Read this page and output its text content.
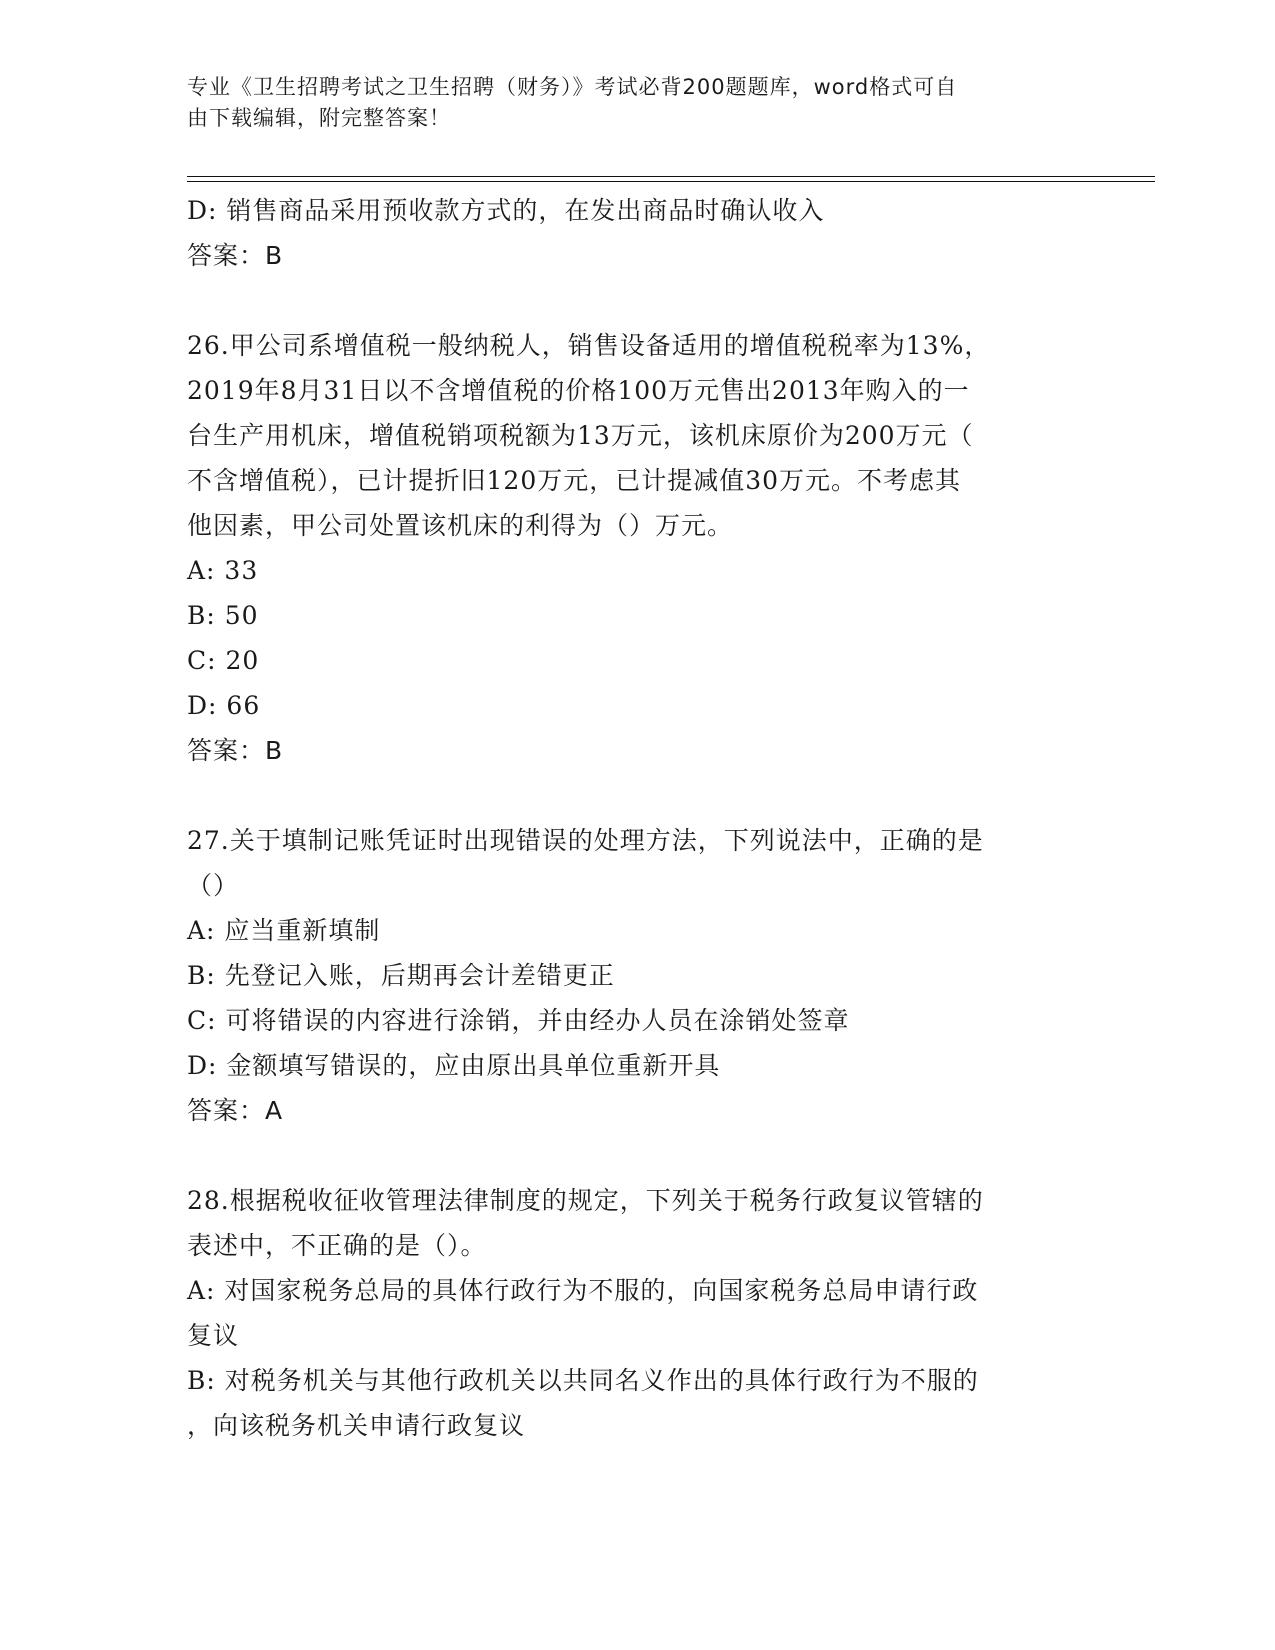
专业《卫生招聘考试之卫生招聘（财务）》考试必背200题题库，word格式可自
由下载编辑，附完整答案！
D: 销售商品采用预收款方式的，在发出商品时确认收入
答案：B
26.甲公司系增值税一般纳税人，销售设备适用的增值税税率为13%，
2019年8月31日以不含增值税的价格100万元售出2013年购入的一
台生产用机床，增值税销项税额为13万元，该机床原价为200万元（
不含增值税），已计提折旧120万元，已计提减值30万元。不考虑其
他因素，甲公司处置该机床的利得为（）万元。
A: 33
B: 50
C: 20
D: 66
答案：B
27.关于填制记账凭证时出现错误的处理方法，下列说法中，正确的是
（）
A: 应当重新填制
B: 先登记入账，后期再会计差错更正
C: 可将错误的内容进行涂销，并由经办人员在涂销处签章
D: 金额填写错误的，应由原出具单位重新开具
答案：A
28.根据税收征收管理法律制度的规定，下列关于税务行政复议管辖的
表述中，不正确的是（）。
A: 对国家税务总局的具体行政行为不服的，向国家税务总局申请行政
复议
B: 对税务机关与其他行政机关以共同名义作出的具体行政行为不服的
，向该税务机关申请行政复议
